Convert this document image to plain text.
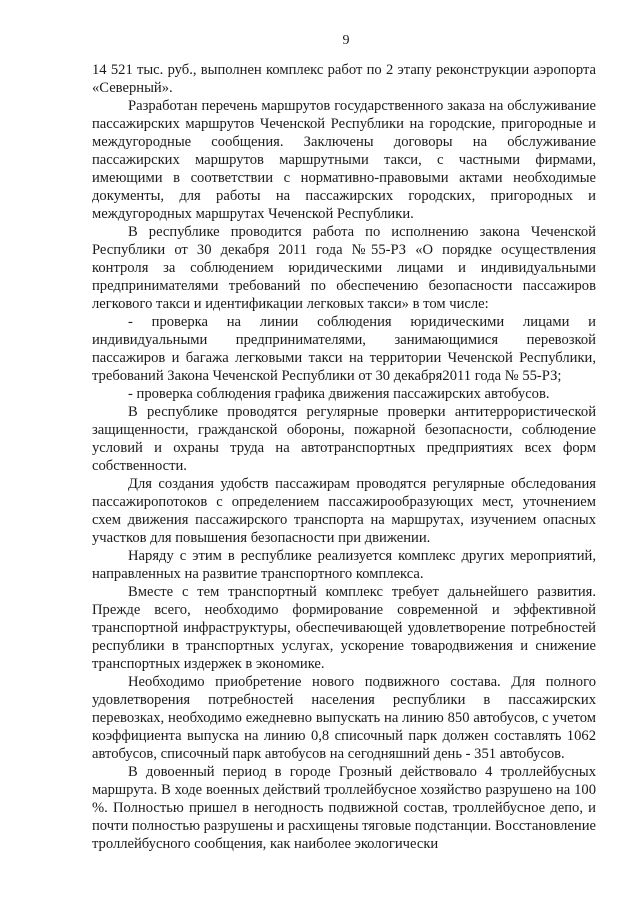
9

14 521 тыс. руб., выполнен комплекс работ по 2 этапу реконструкции аэропорта «Северный».

Разработан перечень маршрутов государственного заказа на обслуживание пассажирских маршрутов Чеченской Республики на городские, пригородные и междугородные сообщения. Заключены договоры на обслуживание пассажирских маршрутов маршрутными такси, с частными фирмами, имеющими в соответствии с нормативно-правовыми актами необходимые документы, для работы на пассажирских городских, пригородных и междугородных маршрутах Чеченской Республики.

В республике проводится работа по исполнению закона Чеченской Республики от 30 декабря 2011 года №55-РЗ «О порядке осуществления контроля за соблюдением юридическими лицами и индивидуальными предпринимателями требований по обеспечению безопасности пассажиров легкового такси и идентификации легковых такси» в том числе:

- проверка на линии соблюдения юридическими лицами и индивидуальными предпринимателями, занимающимися перевозкой пассажиров и багажа легковыми такси на территории Чеченской Республики, требований Закона Чеченской Республики от 30 декабря2011 года № 55-РЗ;

- проверка соблюдения графика движения пассажирских автобусов.

В республике проводятся регулярные проверки антитеррористической защищенности, гражданской обороны, пожарной безопасности, соблюдение условий и охраны труда на автотранспортных предприятиях всех форм собственности.

Для создания удобств пассажирам проводятся регулярные обследования пассажиропотоков с определением пассажирообразующих мест, уточнением схем движения пассажирского транспорта на маршрутах, изучением опасных участков для повышения безопасности при движении.

Наряду с этим в республике реализуется комплекс других мероприятий, направленных на развитие транспортного комплекса.

Вместе с тем транспортный комплекс требует дальнейшего развития. Прежде всего, необходимо формирование современной и эффективной транспортной инфраструктуры, обеспечивающей удовлетворение потребностей республики в транспортных услугах, ускорение товародвижения и снижение транспортных издержек в экономике.

Необходимо приобретение нового подвижного состава. Для полного удовлетворения потребностей населения республики в пассажирских перевозках, необходимо ежедневно выпускать на линию 850 автобусов, с учетом коэффициента выпуска на линию 0,8 списочный парк должен составлять 1062 автобусов, списочный парк автобусов на сегодняшний день - 351 автобусов.

В довоенный период в городе Грозный действовало 4 троллейбусных маршрута. В ходе военных действий троллейбусное хозяйство разрушено на 100 %. Полностью пришел в негодность подвижной состав, троллейбусное депо, и почти полностью разрушены и расхищены тяговые подстанции. Восстановление троллейбусного сообщения, как наиболее экологически
